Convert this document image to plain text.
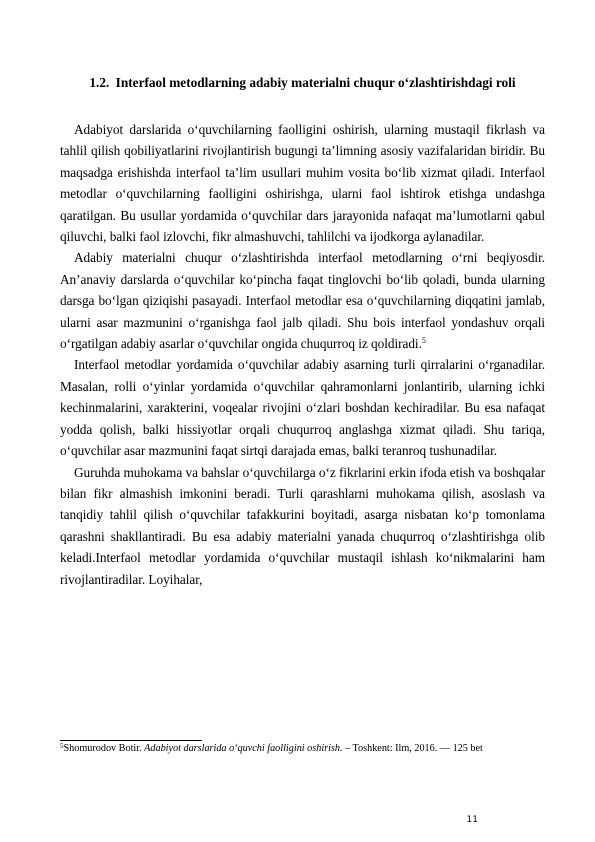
1.2. Interfaol metodlarning adabiy materialni chuqur o‘zlashtirishdagi roli

Adabiyot darslarida o‘quvchilarning faolligini oshirish, ularning mustaqil fikrlash va tahlil qilish qobiliyatlarini rivojlantirish bugungi ta’limning asosiy vazifalaridan biridir. Bu maqsadga erishishda interfaol ta’lim usullari muhim vosita bo‘lib xizmat qiladi. Interfaol metodlar o‘quvchilarning faolligini oshirishga, ularni faol ishtirok etishga undashga qaratilgan. Bu usullar yordamida o‘quvchilar dars jarayonida nafaqat ma’lumotlarni qabul qiluvchi, balki faol izlovchi, fikr almashuvchi, tahlilchi va ijodkorga aylanadilar.

Adabiy materialni chuqur o‘zlashtirishda interfaol metodlarning o‘rni beqiyosdir. An’anaviy darslarda o‘quvchilar ko‘pincha faqat tinglovchi bo‘lib qoladi, bunda ularning darsga bo‘lgan qiziqishi pasayadi. Interfaol metodlar esa o‘quvchilarning diqqatini jamlab, ularni asar mazmunini o‘rganishga faol jalb qiladi. Shu bois interfaol yondashuv orqali o‘rgatilgan adabiy asarlar o‘quvchilar ongida chuqurroq iz qoldiradi.$^5$

Interfaol metodlar yordamida o‘quvchilar adabiy asarning turli qirralarini o‘rganadilar. Masalan, rolli o‘yinlar yordamida o‘quvchilar qahramonlarni jonlantirib, ularning ichki kechinmalarini, xarakterini, voqealar rivojini o‘zlari boshdan kechiradilar. Bu esa nafaqat yodda qolish, balki hissiyotlar orqali chuqurroq anglashga xizmat qiladi. Shu tariqa, o‘quvchilar asar mazmunini faqat sirtqi darajada emas, balki teranroq tushunadilar.

Guruhda muhokama va bahslar o‘quvchilarga o‘z fikrlarini erkin ifoda etish va boshqalar bilan fikr almashish imkonini beradi. Turli qarashlarni muhokama qilish, asoslash va tanqidiy tahlil qilish o‘quvchilar tafakkurini boyitadi, asarga nisbatan ko‘p tomonlama qarashni shakllantiradi. Bu esa adabiy materialni yanada chuqurroq o‘zlashtirishga olib keladi.Interfaol metodlar yordamida o‘quvchilar mustaqil ishlash ko‘nikmalarini ham rivojlantiradilar. Loyihalar,

$^5$Shomurodov Botir. Adabiyot darslarida o‘quvchi faolligini oshirish. – Toshkent: Ilm, 2016. — 125 bet

11
